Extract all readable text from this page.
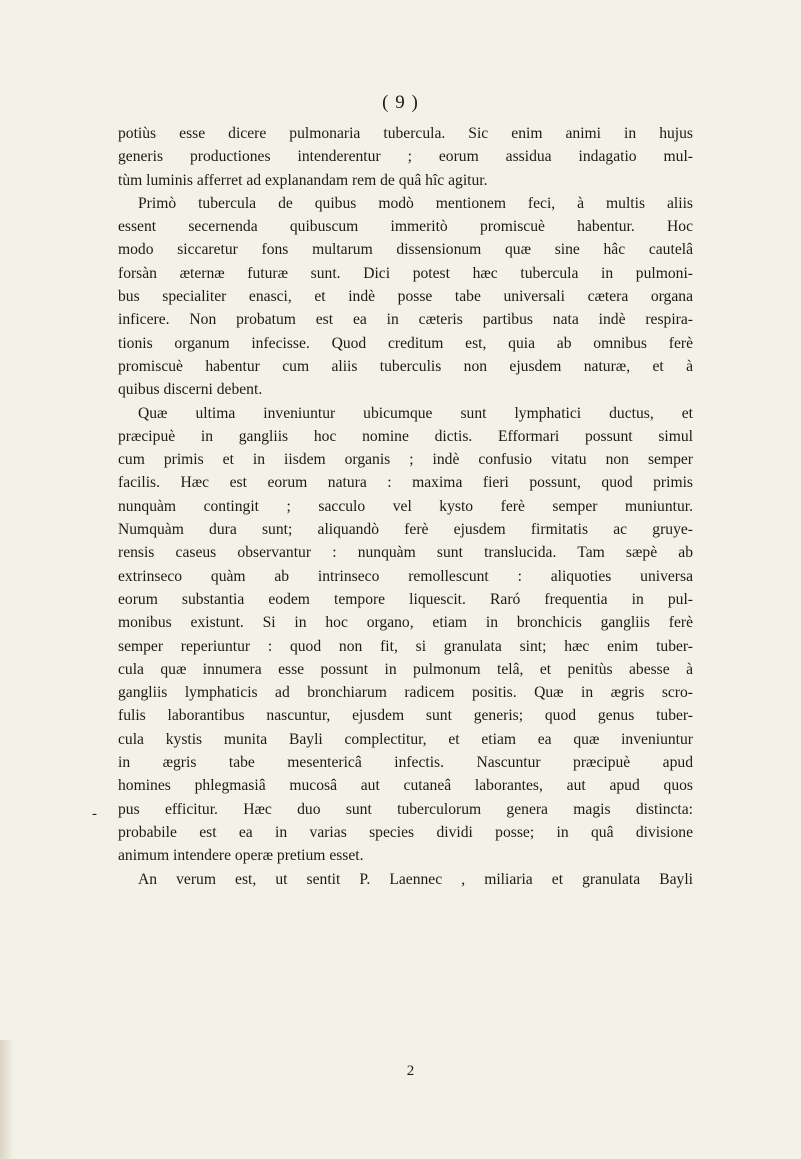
( 9 )
potiùs esse dicere pulmonaria tubercula. Sic enim animi in hujus
generis productiones intenderentur ; eorum assidua indagatio mul-
tùm luminis afferret ad explanandam rem de quâ hîc agitur.
Primò tubercula de quibus modò mentionem feci, à multis aliis
essent secernenda quibuscum immeritò promiscuè habentur. Hoc
modo siccaretur fons multarum dissensionum quæ sine hâc cautelâ
forsàn æternæ futuræ sunt. Dici potest hæc tubercula in pulmoni-
bus specialiter enasci, et indè posse tabe universali cætera organa
inficere. Non probatum est ea in cæteris partibus nata indè respira-
tionis organum infecisse. Quod creditum est, quia ab omnibus ferè
promiscuè habentur cum aliis tuberculis non ejusdem naturæ, et à
quibus discerni debent.
Quæ ultima inveniuntur ubicumque sunt lymphatici ductus, et
præcipuè in gangliis hoc nomine dictis. Efformari possunt simul
cum primis et in iisdem organis ; indè confusio vitatu non semper
facilis. Hæc est eorum natura : maxima fieri possunt, quod primis
nunquàm contingit ; sacculo vel kysto ferè semper muniuntur.
Numquàm dura sunt; aliquandò ferè ejusdem firmitatis ac gruye-
rensis caseus observantur : nunquàm sunt translucida. Tam sæpè ab
extrinseco quàm ab intrinseco remollescunt : aliquoties universa
eorum substantia eodem tempore liquescit. Raró frequentia in pul-
monibus existunt. Si in hoc organo, etiam in bronchicis gangliis ferè
semper reperiuntur : quod non fit, si granulata sint; hæc enim tuber-
cula quæ innumera esse possunt in pulmonum telâ, et penitùs abesse à
gangliis lymphaticis ad bronchiarum radicem positis. Quæ in ægris scro-
fulis laborantibus nascuntur, ejusdem sunt generis; quod genus tuber-
cula kystis munita Bayli complectitur, et etiam ea quæ inveniuntur
in ægris tabe mesentericâ infectis. Nascuntur præcipuè apud
homines phlegmasiâ mucosâ aut cutaneâ laborantes, aut apud quos
pus efficitur. Hæc duo sunt tuberculorum genera magis distincta:
probabile est ea in varias species dividi posse; in quâ divisione
animum intendere operæ pretium esset.
An verum est, ut sentit P. Laennec , miliaria et granulata Bayli
-
2
